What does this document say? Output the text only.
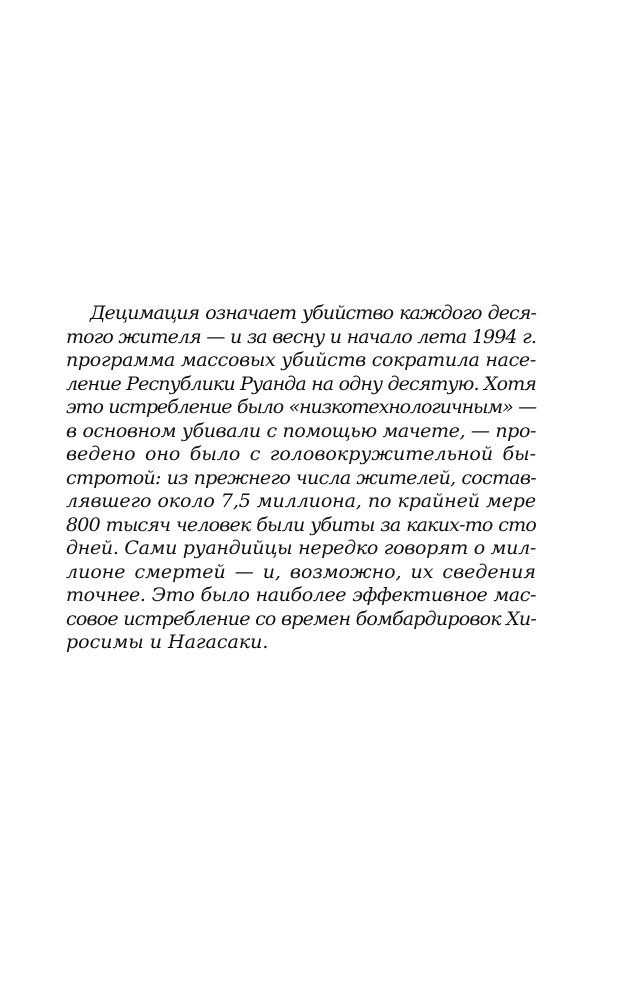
Децимация означает убийство каждого деся-
того жителя — и за весну и начало лета 1994 г.
программа массовых убийств сократила насе-
ление Республики Руанда на одну десятую. Хотя
это истребление было «низкотехнологичным» —
в основном убивали с помощью мачете, — про-
ведено оно было с головокружительной бы-
стротой: из прежнего числа жителей, состав-
лявшего около 7,5 миллиона, по крайней мере
800 тысяч человек были убиты за каких-то сто
дней. Сами руандийцы нередко говорят о мил-
лионе смертей — и, возможно, их сведения
точнее. Это было наиболее эффективное мас-
совое истребление со времен бомбардировок Хи-
росимы и Нагасаки.
